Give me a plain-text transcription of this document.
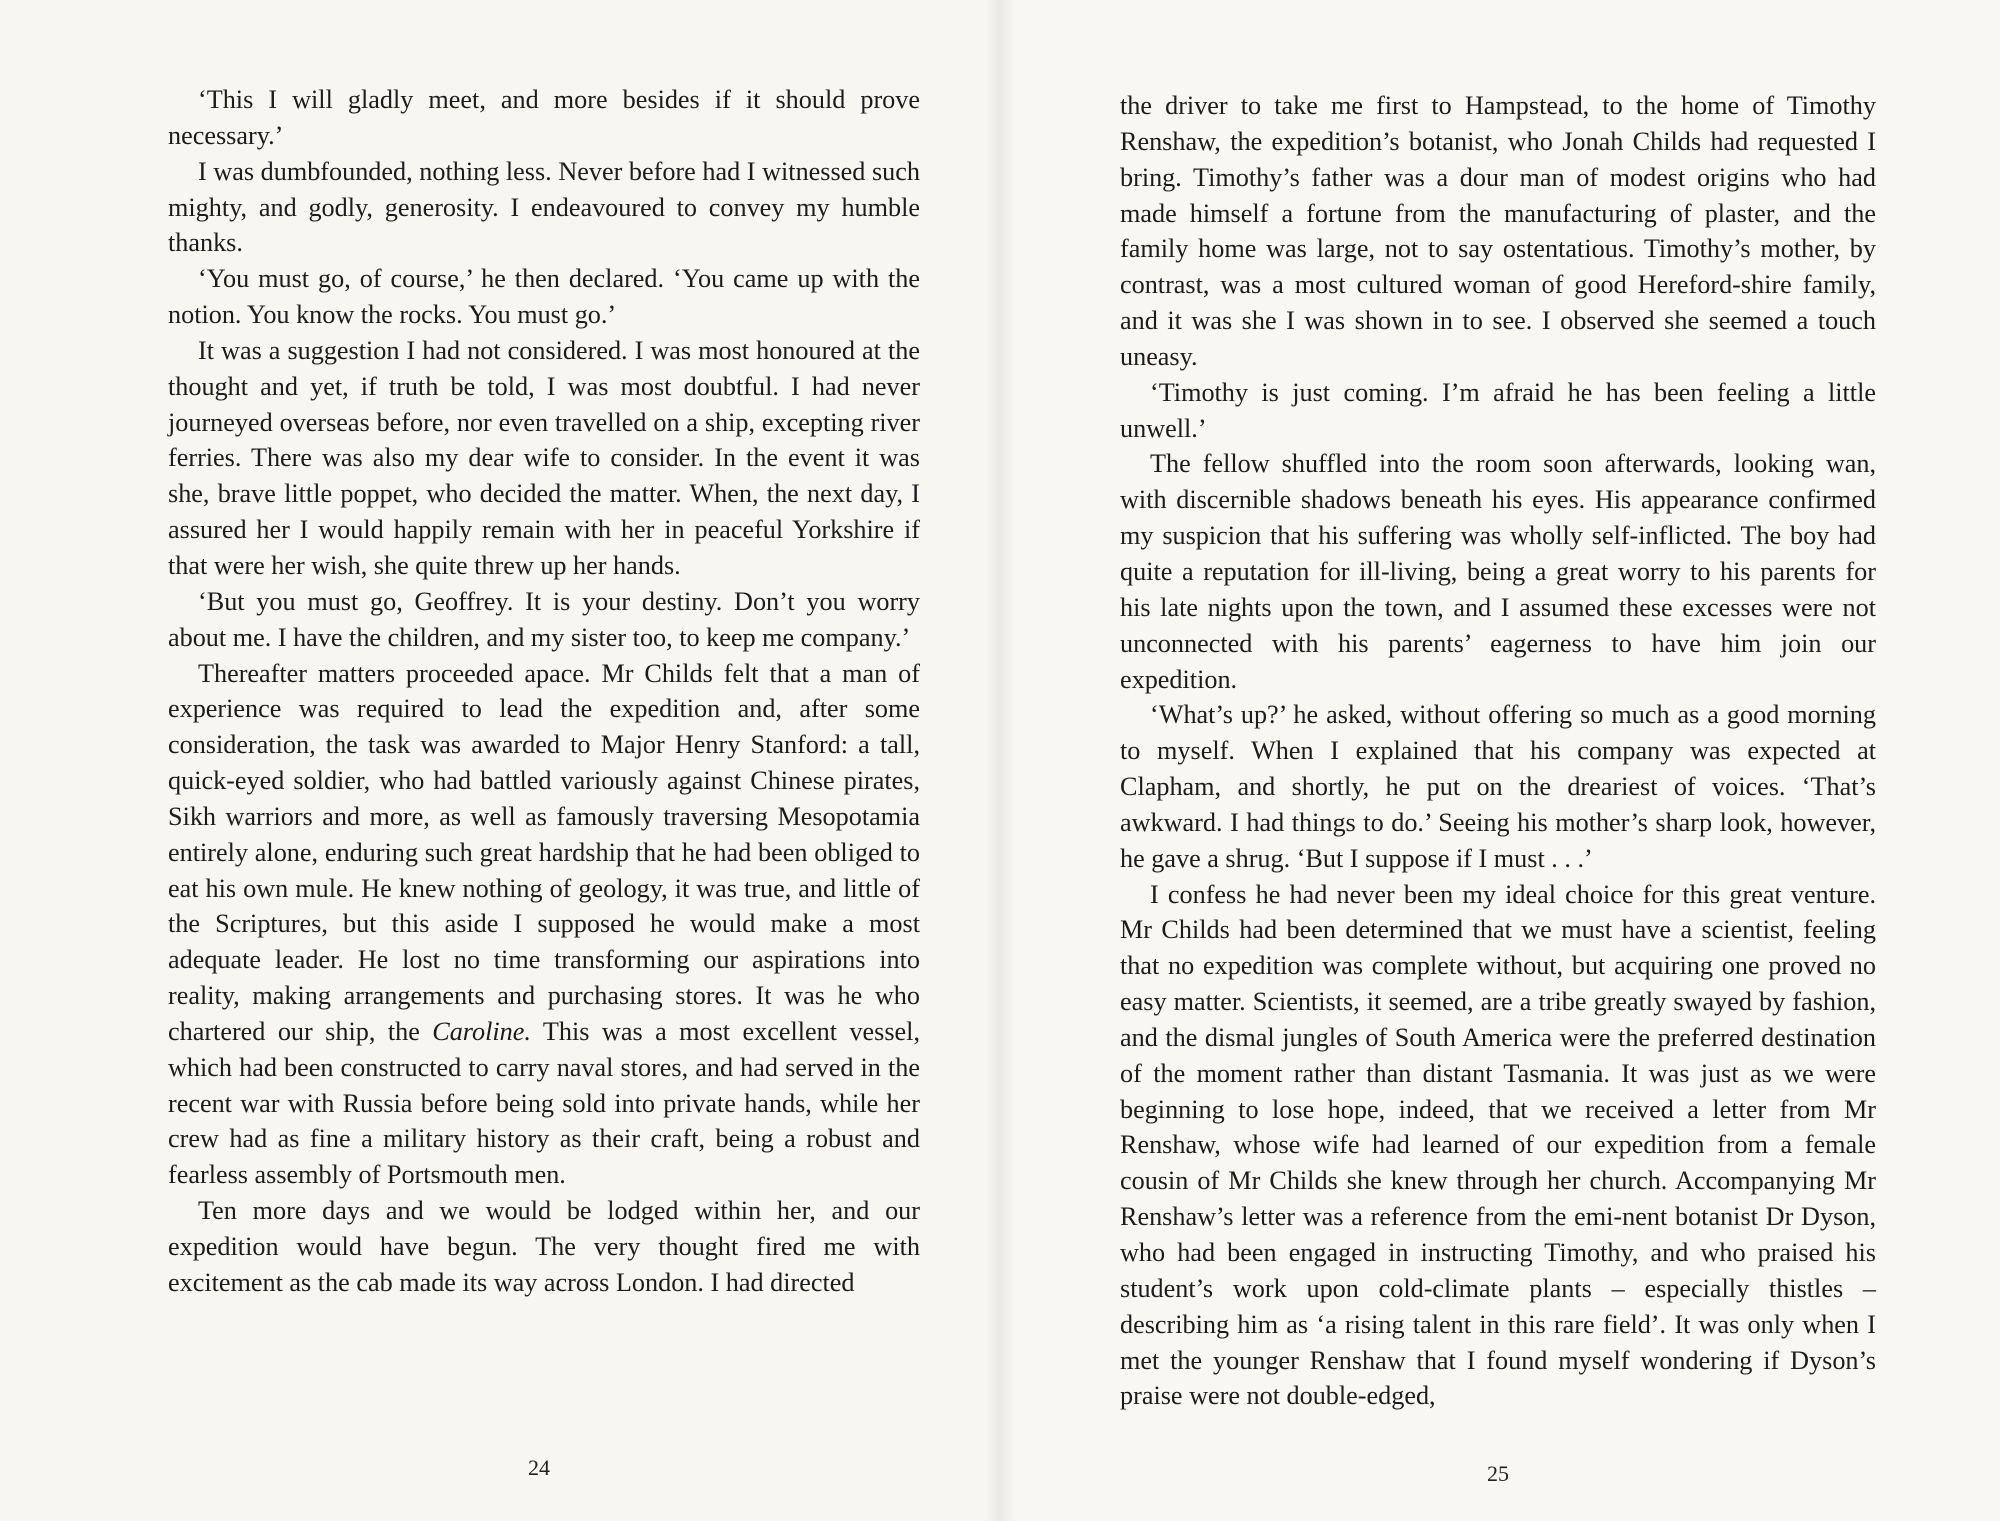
‘This I will gladly meet, and more besides if it should prove necessary.’

I was dumbfounded, nothing less. Never before had I witnessed such mighty, and godly, generosity. I endeavoured to convey my humble thanks.

‘You must go, of course,’ he then declared. ‘You came up with the notion. You know the rocks. You must go.’

It was a suggestion I had not considered. I was most honoured at the thought and yet, if truth be told, I was most doubtful. I had never journeyed overseas before, nor even travelled on a ship, excepting river ferries. There was also my dear wife to consider. In the event it was she, brave little poppet, who decided the matter. When, the next day, I assured her I would happily remain with her in peaceful Yorkshire if that were her wish, she quite threw up her hands.

‘But you must go, Geoffrey. It is your destiny. Don’t you worry about me. I have the children, and my sister too, to keep me company.’

Thereafter matters proceeded apace. Mr Childs felt that a man of experience was required to lead the expedition and, after some consideration, the task was awarded to Major Henry Stanford: a tall, quick-eyed soldier, who had battled variously against Chinese pirates, Sikh warriors and more, as well as famously traversing Mesopotamia entirely alone, enduring such great hardship that he had been obliged to eat his own mule. He knew nothing of geology, it was true, and little of the Scriptures, but this aside I supposed he would make a most adequate leader. He lost no time transforming our aspirations into reality, making arrangements and purchasing stores. It was he who chartered our ship, the Caroline. This was a most excellent vessel, which had been constructed to carry naval stores, and had served in the recent war with Russia before being sold into private hands, while her crew had as fine a military history as their craft, being a robust and fearless assembly of Portsmouth men.

Ten more days and we would be lodged within her, and our expedition would have begun. The very thought fired me with excitement as the cab made its way across London. I had directed

24

the driver to take me first to Hampstead, to the home of Timothy Renshaw, the expedition’s botanist, who Jonah Childs had requested I bring. Timothy’s father was a dour man of modest origins who had made himself a fortune from the manufacturing of plaster, and the family home was large, not to say ostentatious. Timothy’s mother, by contrast, was a most cultured woman of good Hereford-shire family, and it was she I was shown in to see. I observed she seemed a touch uneasy.

‘Timothy is just coming. I’m afraid he has been feeling a little unwell.’

The fellow shuffled into the room soon afterwards, looking wan, with discernible shadows beneath his eyes. His appearance confirmed my suspicion that his suffering was wholly self-inflicted. The boy had quite a reputation for ill-living, being a great worry to his parents for his late nights upon the town, and I assumed these excesses were not unconnected with his parents’ eagerness to have him join our expedition.

‘What’s up?’ he asked, without offering so much as a good morning to myself. When I explained that his company was expected at Clapham, and shortly, he put on the dreariest of voices. ‘That’s awkward. I had things to do.’ Seeing his mother’s sharp look, however, he gave a shrug. ‘But I suppose if I must . . .’

I confess he had never been my ideal choice for this great venture. Mr Childs had been determined that we must have a scientist, feeling that no expedition was complete without, but acquiring one proved no easy matter. Scientists, it seemed, are a tribe greatly swayed by fashion, and the dismal jungles of South America were the preferred destination of the moment rather than distant Tasmania. It was just as we were beginning to lose hope, indeed, that we received a letter from Mr Renshaw, whose wife had learned of our expedition from a female cousin of Mr Childs she knew through her church. Accompanying Mr Renshaw’s letter was a reference from the emi-nent botanist Dr Dyson, who had been engaged in instructing Timothy, and who praised his student’s work upon cold-climate plants – especially thistles – describing him as ‘a rising talent in this rare field’. It was only when I met the younger Renshaw that I found myself wondering if Dyson’s praise were not double-edged,

25
